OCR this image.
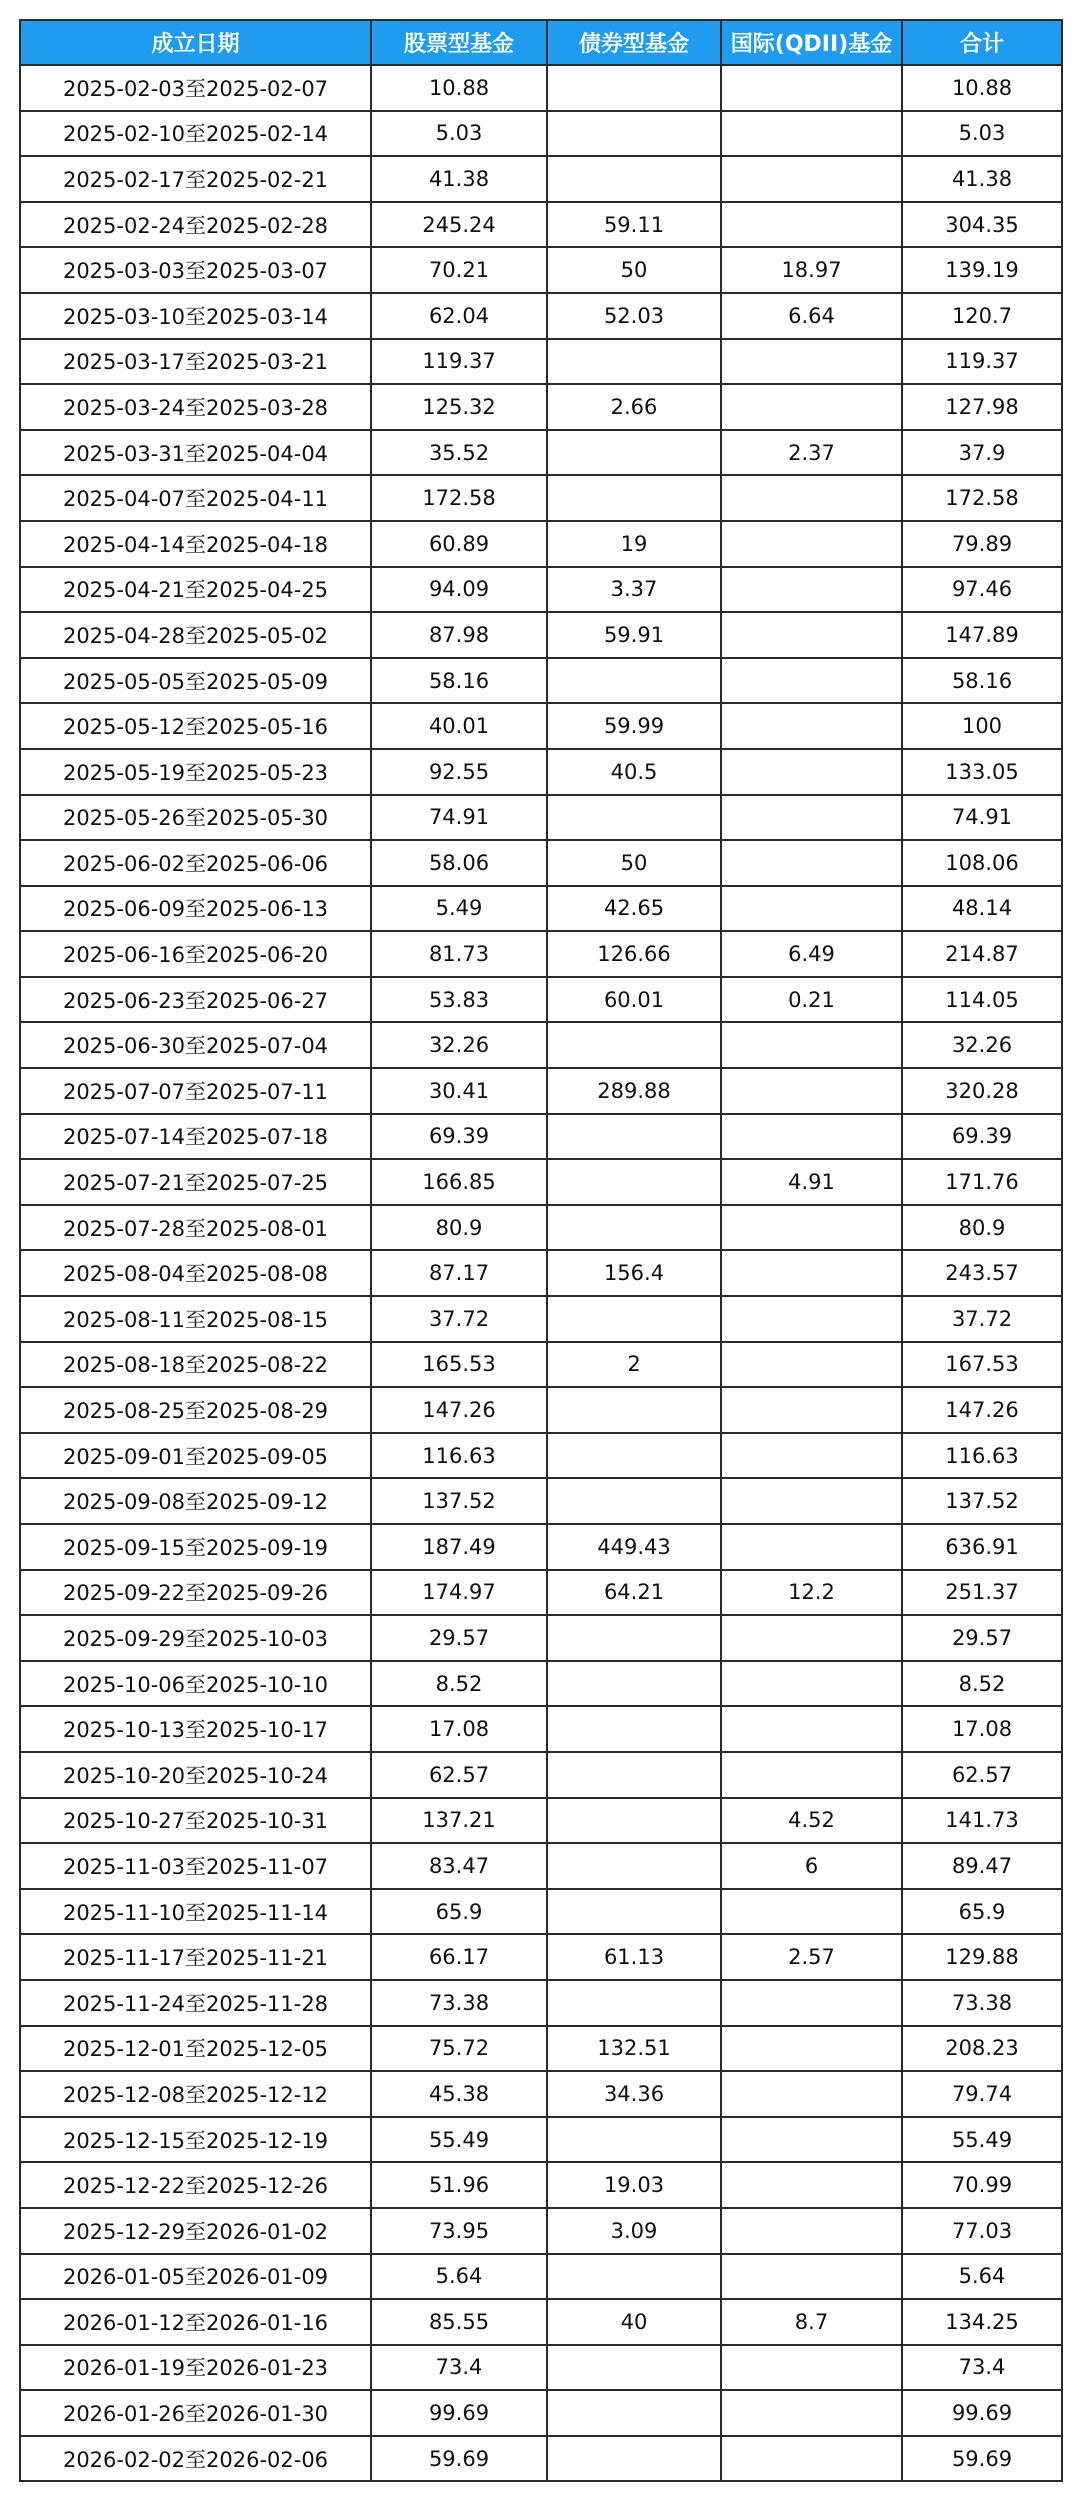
成立日期	股票型基金	债券型基金	国际(QDII)基金	合计
2025-02-03至2025-02-07	10.88			10.88
2025-02-10至2025-02-14	5.03			5.03
2025-02-17至2025-02-21	41.38			41.38
2025-02-24至2025-02-28	245.24	59.11		304.35
2025-03-03至2025-03-07	70.21	50	18.97	139.19
2025-03-10至2025-03-14	62.04	52.03	6.64	120.7
2025-03-17至2025-03-21	119.37			119.37
2025-03-24至2025-03-28	125.32	2.66		127.98
2025-03-31至2025-04-04	35.52		2.37	37.9
2025-04-07至2025-04-11	172.58			172.58
2025-04-14至2025-04-18	60.89	19		79.89
2025-04-21至2025-04-25	94.09	3.37		97.46
2025-04-28至2025-05-02	87.98	59.91		147.89
2025-05-05至2025-05-09	58.16			58.16
2025-05-12至2025-05-16	40.01	59.99		100
2025-05-19至2025-05-23	92.55	40.5		133.05
2025-05-26至2025-05-30	74.91			74.91
2025-06-02至2025-06-06	58.06	50		108.06
2025-06-09至2025-06-13	5.49	42.65		48.14
2025-06-16至2025-06-20	81.73	126.66	6.49	214.87
2025-06-23至2025-06-27	53.83	60.01	0.21	114.05
2025-06-30至2025-07-04	32.26			32.26
2025-07-07至2025-07-11	30.41	289.88		320.28
2025-07-14至2025-07-18	69.39			69.39
2025-07-21至2025-07-25	166.85		4.91	171.76
2025-07-28至2025-08-01	80.9			80.9
2025-08-04至2025-08-08	87.17	156.4		243.57
2025-08-11至2025-08-15	37.72			37.72
2025-08-18至2025-08-22	165.53	2		167.53
2025-08-25至2025-08-29	147.26			147.26
2025-09-01至2025-09-05	116.63			116.63
2025-09-08至2025-09-12	137.52			137.52
2025-09-15至2025-09-19	187.49	449.43		636.91
2025-09-22至2025-09-26	174.97	64.21	12.2	251.37
2025-09-29至2025-10-03	29.57			29.57
2025-10-06至2025-10-10	8.52			8.52
2025-10-13至2025-10-17	17.08			17.08
2025-10-20至2025-10-24	62.57			62.57
2025-10-27至2025-10-31	137.21		4.52	141.73
2025-11-03至2025-11-07	83.47		6	89.47
2025-11-10至2025-11-14	65.9			65.9
2025-11-17至2025-11-21	66.17	61.13	2.57	129.88
2025-11-24至2025-11-28	73.38			73.38
2025-12-01至2025-12-05	75.72	132.51		208.23
2025-12-08至2025-12-12	45.38	34.36		79.74
2025-12-15至2025-12-19	55.49			55.49
2025-12-22至2025-12-26	51.96	19.03		70.99
2025-12-29至2026-01-02	73.95	3.09		77.03
2026-01-05至2026-01-09	5.64			5.64
2026-01-12至2026-01-16	85.55	40	8.7	134.25
2026-01-19至2026-01-23	73.4			73.4
2026-01-26至2026-01-30	99.69			99.69
2026-02-02至2026-02-06	59.69			59.69
